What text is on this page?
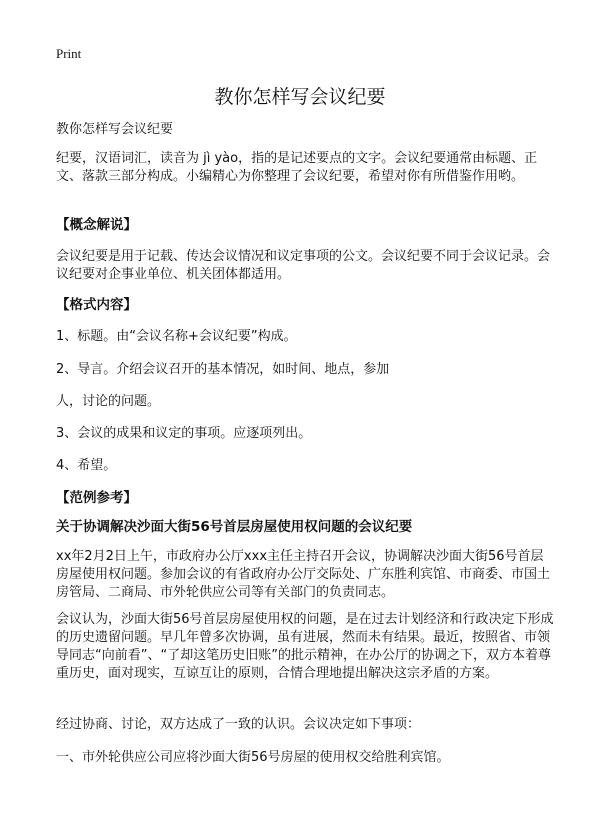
Print
教你怎样写会议纪要

教你怎样写会议纪要

纪要，汉语词汇，读音为 jì yào，指的是记述要点的文字。会议纪要通常由标题、正文、落款三部分构成。小编精心为你整理了会议纪要，希望对你有所借鉴作用哟。

【概念解说】

会议纪要是用于记载、传达会议情况和议定事项的公文。会议纪要不同于会议记录。会议纪要对企事业单位、机关团体都适用。

【格式内容】

1、标题。由“会议名称+会议纪要”构成。

2、导言。介绍会议召开的基本情况，如时间、地点，参加

人，讨论的问题。

3、会议的成果和议定的事项。应逐项列出。

4、希望。

【范例参考】

关于协调解决沙面大街56号首层房屋使用权问题的会议纪要

xx年2月2日上午，市政府办公厅xxx主任主持召开会议，协调解决沙面大街56号首层房屋使用权问题。参加会议的有省政府办公厅交际处、广东胜利宾馆、市商委、市国土房管局、二商局、市外轮供应公司等有关部门的负责同志。

会议认为，沙面大街56号首层房屋使用权的问题，是在过去计划经济和行政决定下形成的历史遗留问题。早几年曾多次协调，虽有进展，然而未有结果。最近，按照省、市领导同志“向前看”、“了却这笔历史旧账”的批示精神，在办公厅的协调之下，双方本着尊重历史，面对现实，互谅互让的原则，合情合理地提出解决这宗矛盾的方案。

经过协商、讨论，双方达成了一致的认识。会议决定如下事项：

一、市外轮供应公司应将沙面大街56号房屋的使用权交给胜利宾馆。
